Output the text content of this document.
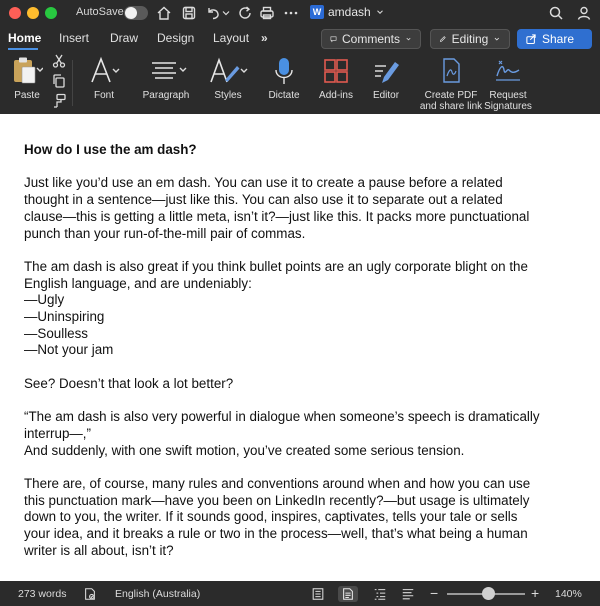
AutoSave	W amdash
Home Insert Draw Design Layout »	Comments	Editing	Share
Paste	Font	Paragraph	Styles	Dictate Add-ins Editor	Create PDF
and share link
Request
Signatures
How do I use the am dash?

Just like you’d use an em dash. You can use it to create a pause before a related
thought in a sentence—just like this. You can also use it to separate out a related
clause—this is getting a little meta, isn’t it?—just like this. It packs more punctuational
punch than your run-of-the-mill pair of commas.

The am dash is also great if you think bullet points are an ugly corporate blight on the
English language, and are undeniably:
—Ugly
—Uninspiring
—Soulless
—Not your jam

See? Doesn’t that look a lot better?

“The am dash is also very powerful in dialogue when someone’s speech is dramatically
interrup—,”
And suddenly, with one swift motion, you’ve created some serious tension.

There are, of course, many rules and conventions around when and how you can use
this punctuation mark—have you been on LinkedIn recently?—but usage is ultimately
down to you, the writer. If it sounds good, inspires, captivates, tells your tale or sells
your idea, and it breaks a rule or two in the process—well, that’s what being a human
writer is all about, isn’t it?

273 words	English (Australia)	−	+ 140%
